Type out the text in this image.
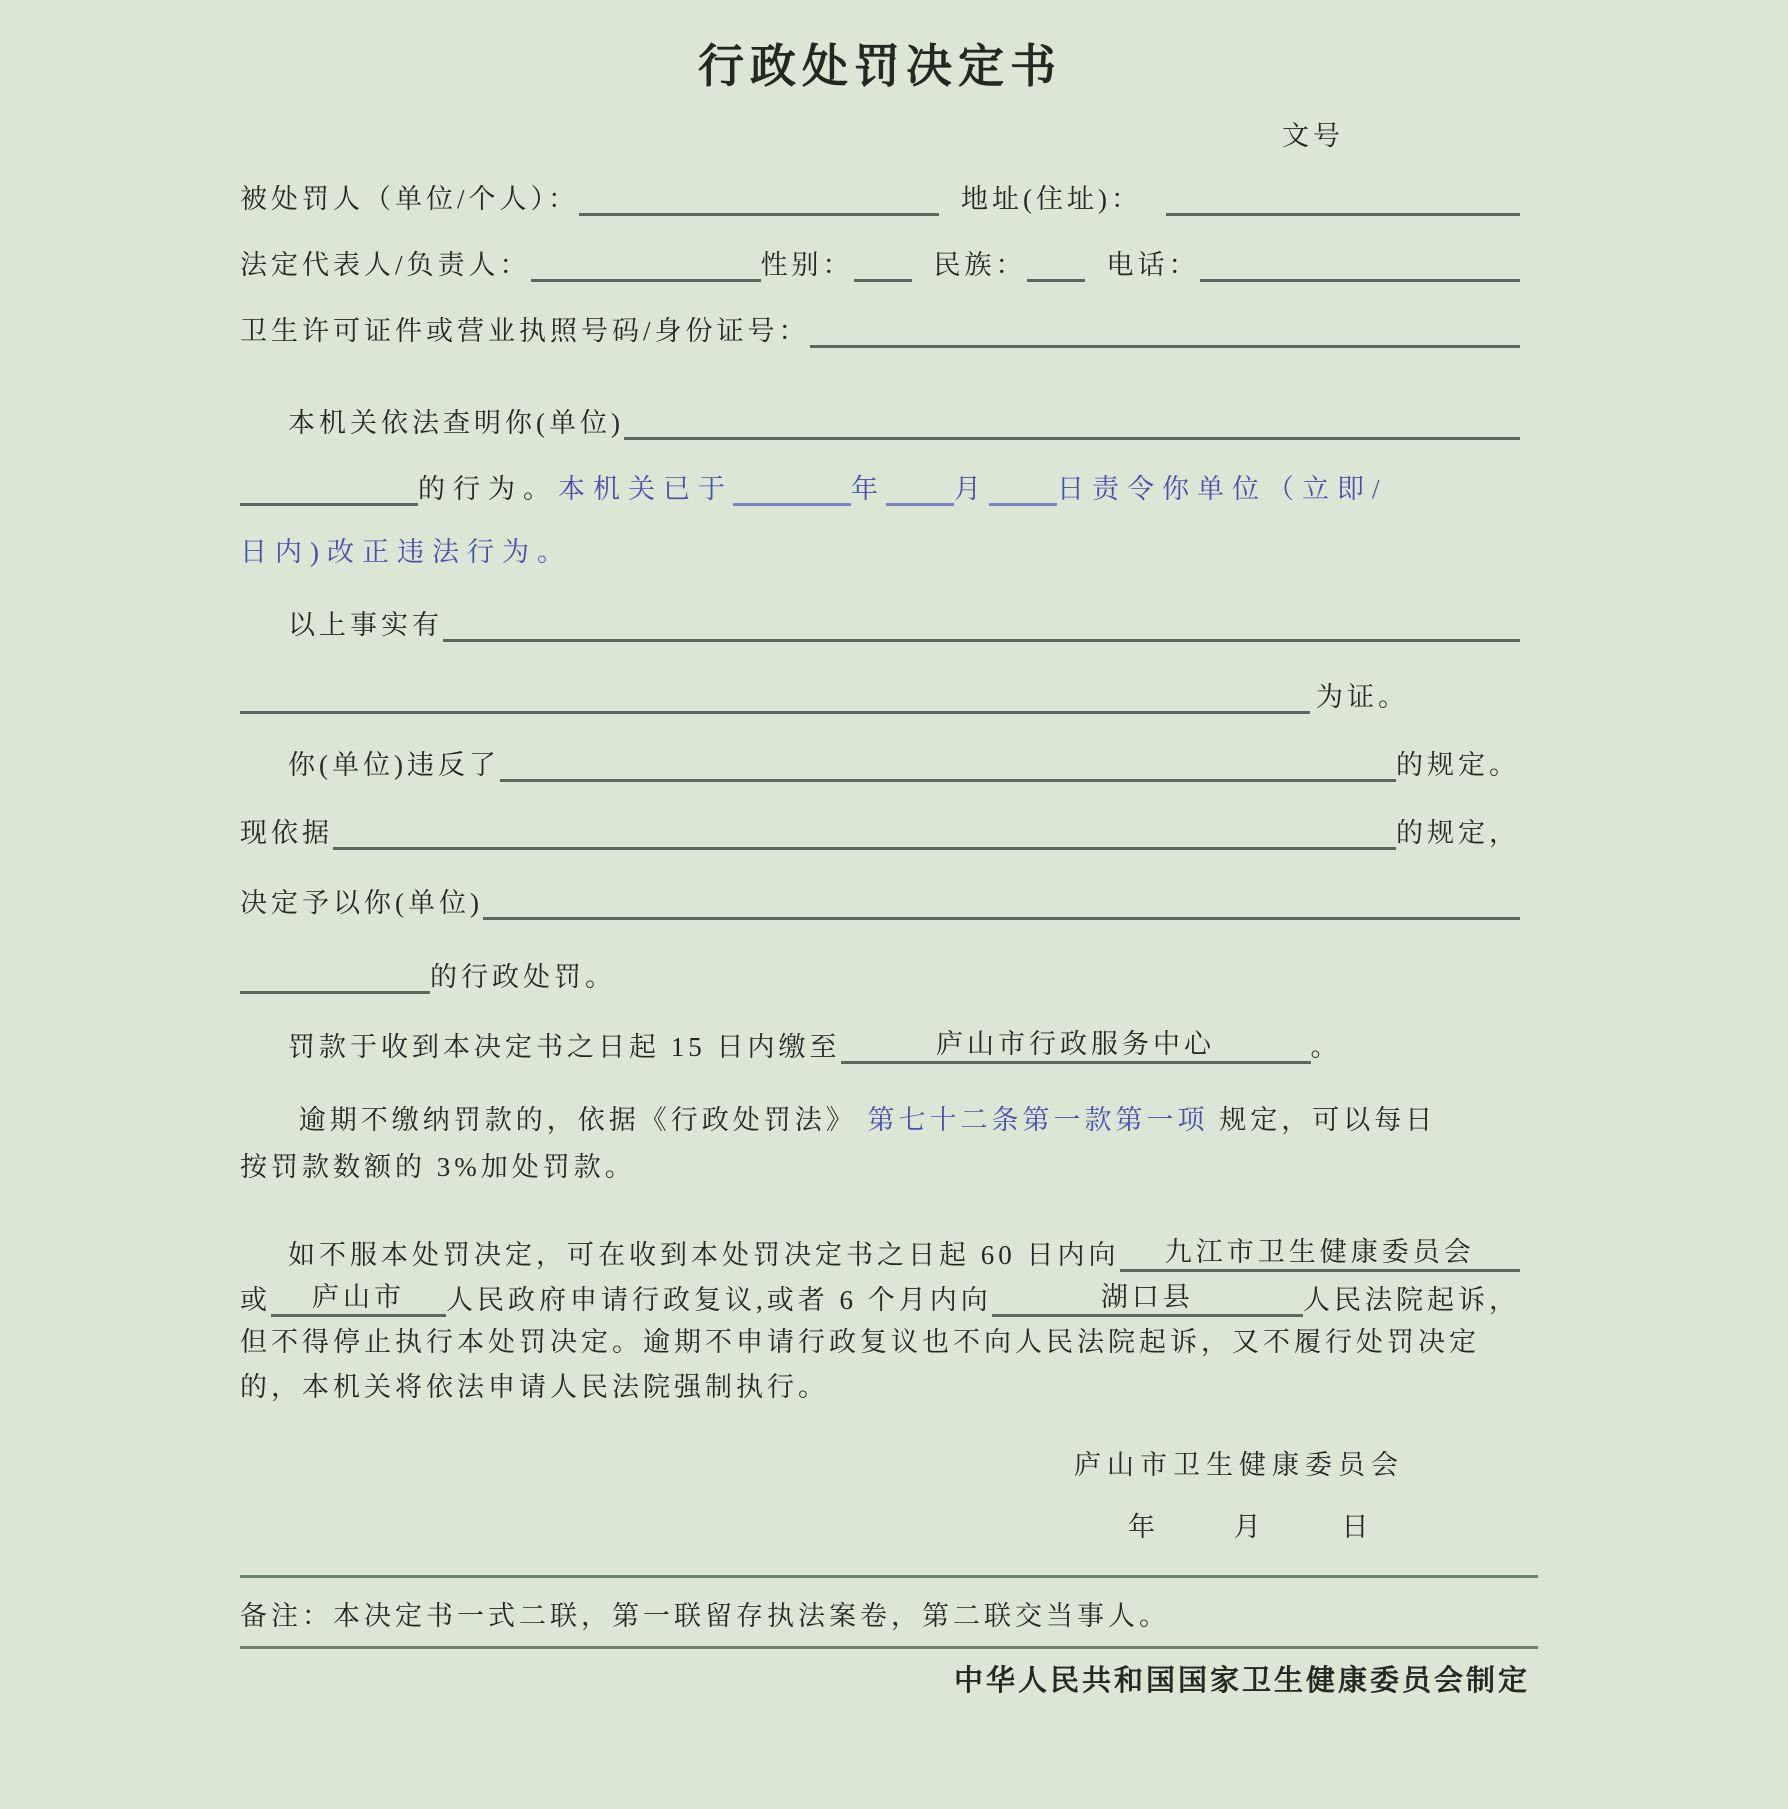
行政处罚决定书
文号
被处罚人（单位/个人）：	地址(住址)：
法定代表人/负责人：	性别：	民族：	电话：
卫生许可证件或营业执照号码/身份证号：
本机关依法查明你(单位)
的行为。 本机关已于	年	月	日责令你单位（立即/
日内)改正违法行为。
以上事实有
为证。
你(单位)违反了	的规定。
现依据	的规定，
决定予以你(单位)
的行政处罚。
罚款于收到本决定书之日起 15 日内缴至	庐山市行政服务中心	。
逾期不缴纳罚款的，依据《行政处罚法》 第七十二条第一款第一项 规定，可以每日
按罚款数额的 3%加处罚款。
如不服本处罚决定，可在收到本处罚决定书之日起 60 日内向 九江市卫生健康委员会
或 庐山市 人民政府申请行政复议,或者 6 个月内向	湖口县	人民法院起诉，
但不得停止执行本处罚决定。逾期不申请行政复议也不向人民法院起诉，又不履行处罚决定
的，本机关将依法申请人民法院强制执行。
庐山市卫生健康委员会
年	月	日
备注：本决定书一式二联，第一联留存执法案卷，第二联交当事人。
中华人民共和国国家卫生健康委员会制定
